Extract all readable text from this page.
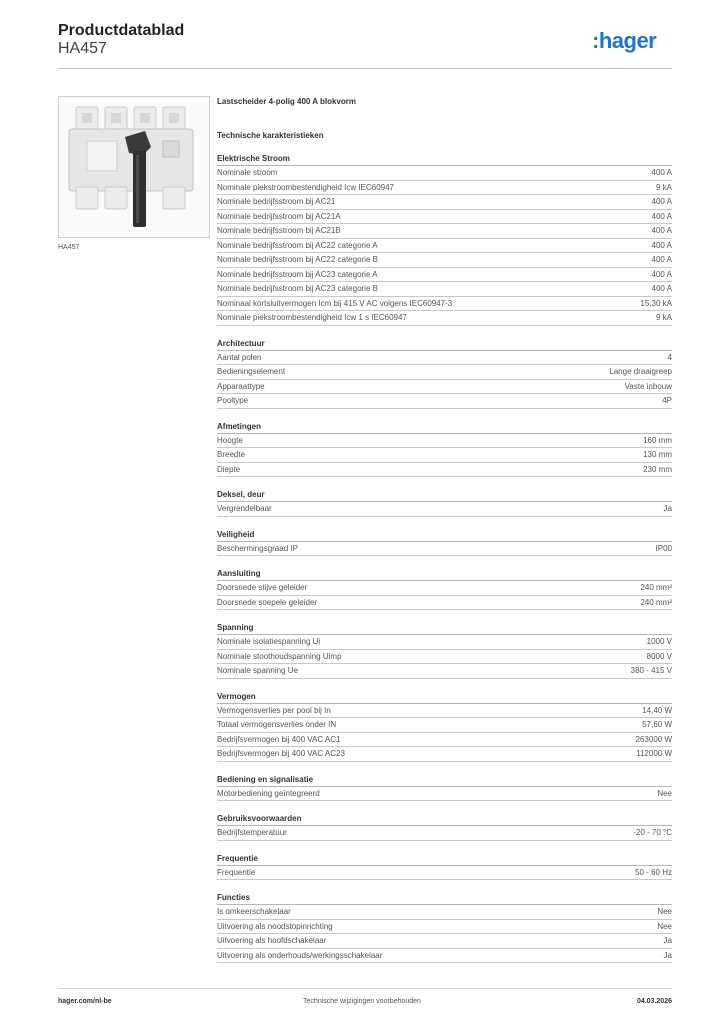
Productdatablad
HA457	:hager
HA457
Lastscheider 4-polig 400 A blokvorm
Technische karakteristieken
Elektrische Stroom
Nominale stroom	400 A
Nominale piekstroombestendigheid Icw IEC60947	9 kA
Nominale bedrijfsstroom bij AC21	400 A
Nominale bedrijfsstroom bij AC21A	400 A
Nominale bedrijfsstroom bij AC21B	400 A
Nominale bedrijfsstroom bij AC22 categorie A	400 A
Nominale bedrijfsstroom bij AC22 categorie B	400 A
Nominale bedrijfsstroom bij AC23 categorie A	400 A
Nominale bedrijfsstroom bij AC23 categorie B	400 A
Nominaal kortsluitvermogen Icm bij 415 V AC volgens IEC60947-3	15,30 kA
Nominale piekstroombestendigheid Icw 1 s IEC60947	9 kA
Architectuur
Aantal polen	4
Bedieningselement	Lange draaigreep
Apparaattype	Vaste inbouw
Pooltype	4P
Afmetingen
Hoogte	160 mm
Breedte	130 mm
Diepte	230 mm
Deksel, deur
Vergrendelbaar	Ja
Veiligheid
Beschermingsgraad IP	IP00
Aansluiting
Doorsnede stijve geleider	240 mm²
Doorsnede soepele geleider	240 mm²
Spanning
Nominale isolatiespanning Ui	1000 V
Nominale stoothoudspanning Uimp	8000 V
Nominale spanning Ue	380 - 415 V
Vermogen
Vermogensverlies per pool bij In	14,40 W
Totaal vermogensverlies onder IN	57,60 W
Bedrijfsvermogen bij 400 VAC AC1	263000 W
Bedrijfsvermogen bij 400 VAC AC23	112000 W
Bediening en signalisatie
Motorbediening geïntegreerd	Nee
Gebruiksvoorwaarden
Bedrijfstemperatuur	-20 - 70 °C
Frequentie
Frequentie	50 - 60 Hz
Functies
Is omkeerschakelaar	Nee
Uitvoering als noodstopinrichting	Nee
Uitvoering als hoofdschakelaar	Ja
Uitvoering als onderhouds/werkingsschakelaar	Ja
hager.com/nl-be	Technische wijzigingen voorbehouden	04.03.2026
